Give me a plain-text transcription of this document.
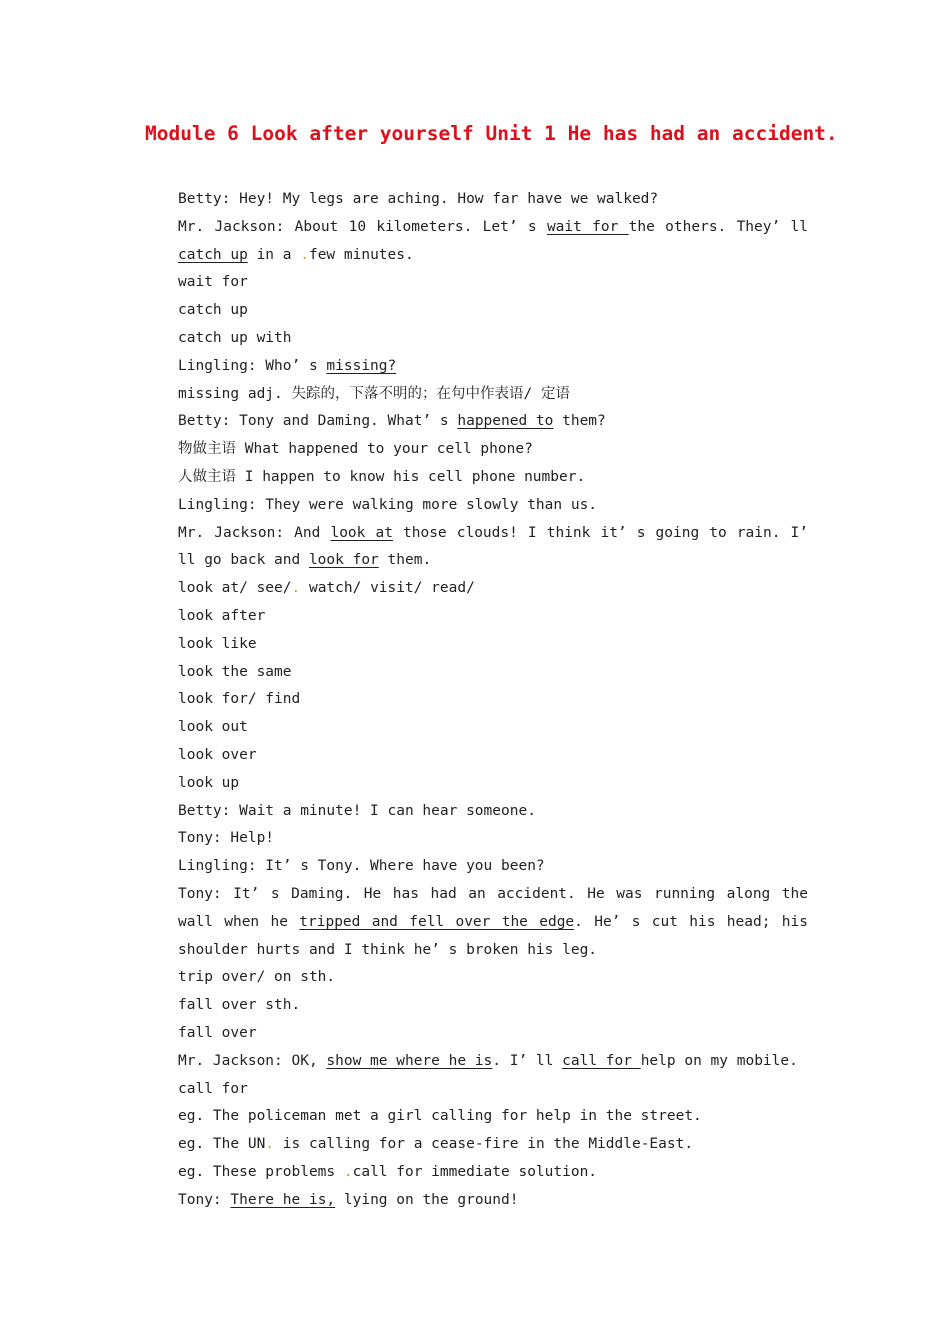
Module 6 Look after yourself Unit 1 He has had an accident.

Betty: Hey! My legs are aching. How far have we walked?

Mr. Jackson: About 10 kilometers. Let’ s wait for the others. They’ ll catch up in a .few minutes.

wait for

catch up

catch up with

Lingling: Who’ s missing?

missing adj. 失踪的，下落不明的；在句中作表语/ 定语

Betty: Tony and Daming. What’ s happened to them?

物做主语 What happened to your cell phone?

人做主语 I happen to know his cell phone number.

Lingling: They were walking more slowly than us.

Mr. Jackson: And look at those clouds! I think it’ s going to rain. I’ ll go back and look for them.

look at/ see/. watch/ visit/ read/

look after

look like

look the same

look for/ find

look out

look over

look up

Betty: Wait a minute! I can hear someone.

Tony: Help!

Lingling: It’ s Tony. Where have you been?

Tony: It’ s Daming. He has had an accident. He was running along the wall when he tripped and fell over the edge. He’ s cut his head; his shoulder hurts and I think he’ s broken his leg.

trip over/ on sth.

fall over sth.

fall over

Mr. Jackson: OK, show me where he is. I’ ll call for help on my mobile.

call for

eg. The policeman met a girl calling for help in the street.

eg. The UN. is calling for a cease-fire in the Middle-East.

eg. These problems .call for immediate solution.

Tony: There he is, lying on the ground!
